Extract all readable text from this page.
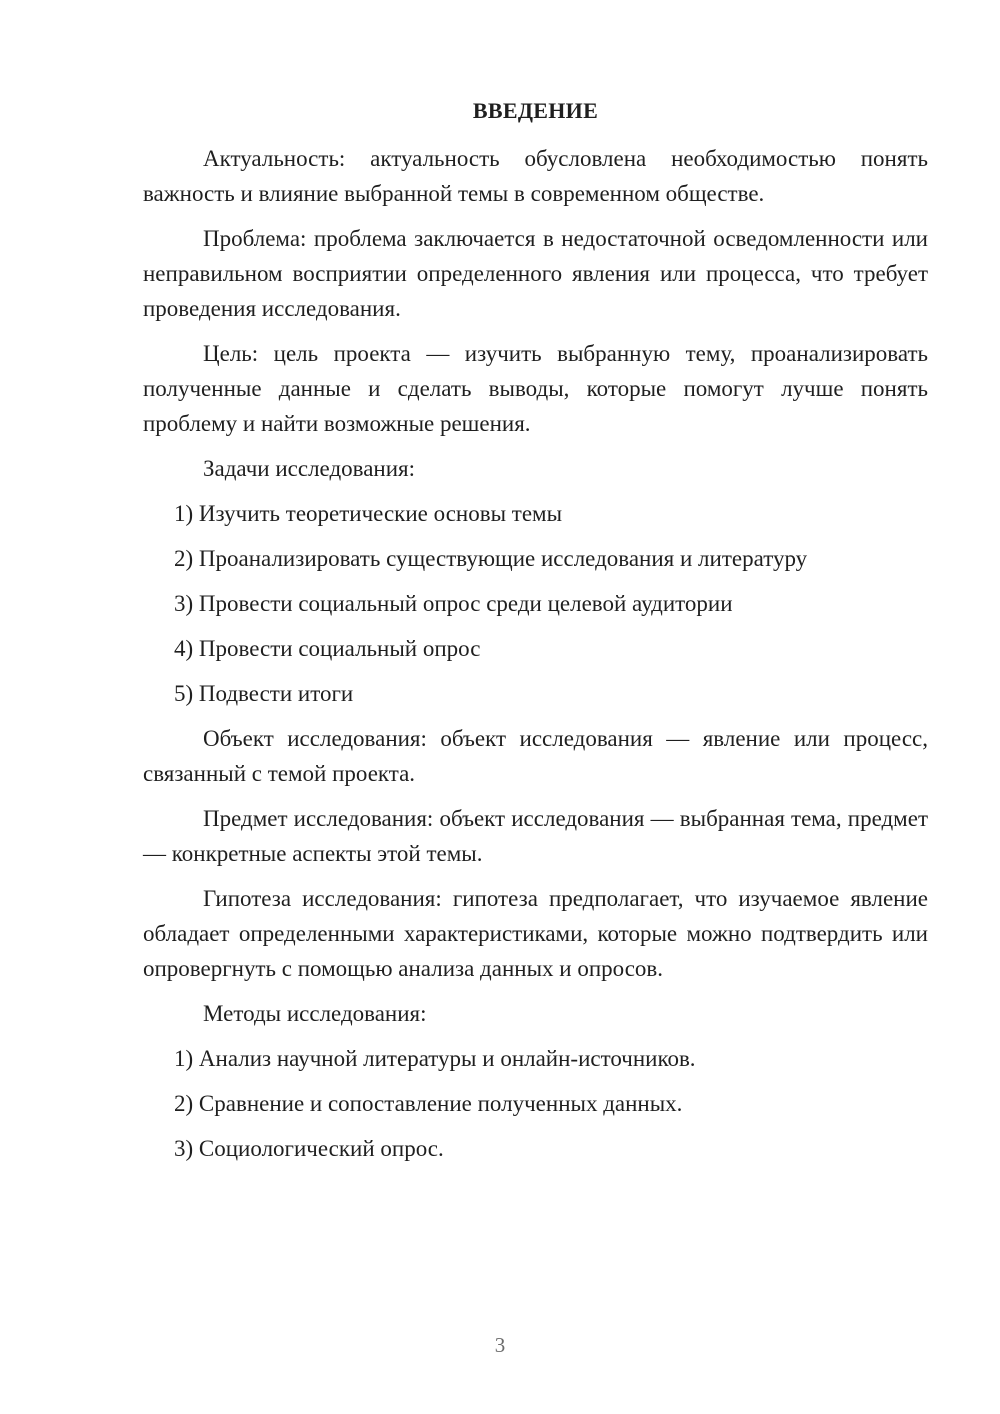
ВВЕДЕНИЕ

Актуальность: актуальность обусловлена необходимостью понять важность и влияние выбранной темы в современном обществе.

Проблема: проблема заключается в недостаточной осведомленности или неправильном восприятии определенного явления или процесса, что требует проведения исследования.

Цель: цель проекта — изучить выбранную тему, проанализировать полученные данные и сделать выводы, которые помогут лучше понять проблему и найти возможные решения.

Задачи исследования:

1) Изучить теоретические основы темы
2) Проанализировать существующие исследования и литературу
3) Провести социальный опрос среди целевой аудитории
4) Провести социальный опрос
5) Подвести итоги

Объект исследования: объект исследования — явление или процесс, связанный с темой проекта.

Предмет исследования: объект исследования — выбранная тема, предмет — конкретные аспекты этой темы.

Гипотеза исследования: гипотеза предполагает, что изучаемое явление обладает определенными характеристиками, которые можно подтвердить или опровергнуть с помощью анализа данных и опросов.

Методы исследования:

1) Анализ научной литературы и онлайн-источников.
2) Сравнение и сопоставление полученных данных.
3) Социологический опрос.
3
